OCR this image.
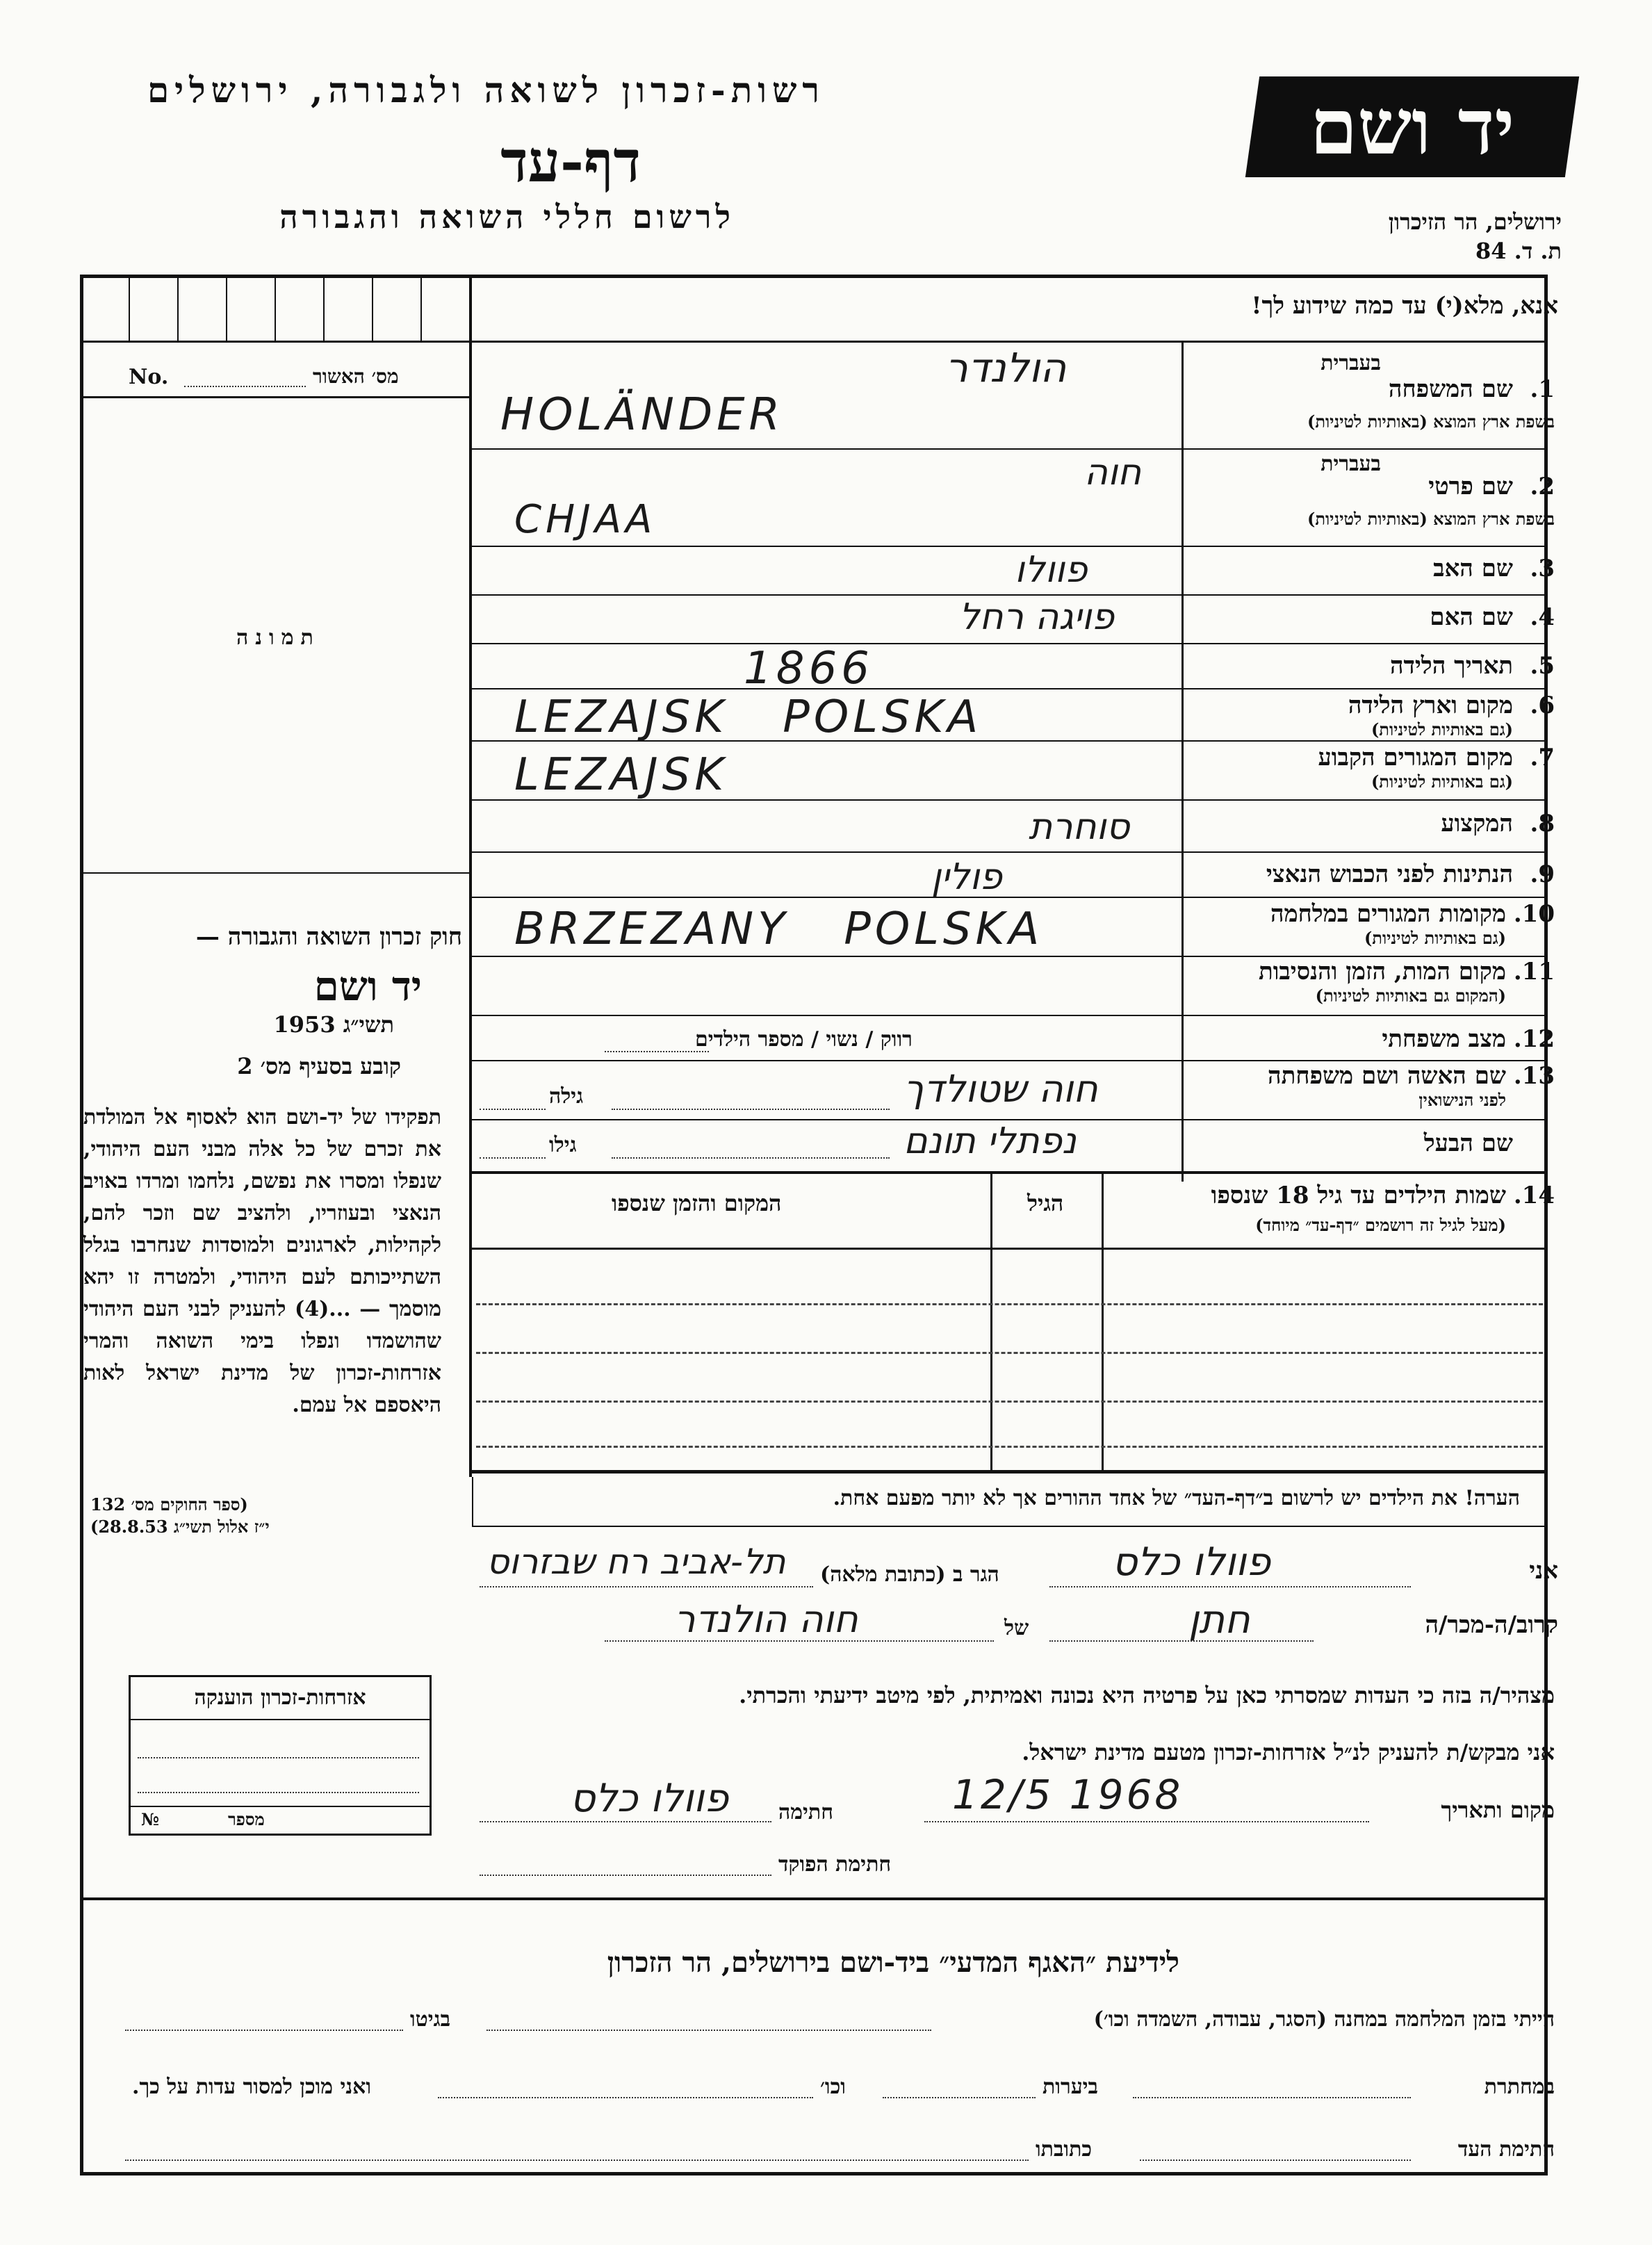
רשות-זכרון לשואה ולגבורה, ירושלים
דף-עד
לרשום חללי השואה והגבורה
יד ושם
ירושלים, הר הזיכרון
ת. ד. 84
אנא, מלא(י) עד כמה שידוע לך!
No.	מס׳ האשור
תמונה
חוק זכרון השואה והגבורה —
יד ושם
תשי״ג 1953
קובע בסעיף מס׳ 2
תפקידו של יד-ושם הוא לאסוף אל המולדת את זכרם של כל אלה מבני העם היהודי, שנפלו ומסרו את נפשם, נלחמו ומרדו באויב הנאצי ובעוזריו, ולהציב שם וזכר להם, לקהילות, לארגונים ולמוסדות שנחרבו בגלל השתייכותם לעם היהודי, ולמטרה זו יהא מוסמך — ...(4) להעניק לבני העם היהודי שהושמדו ונפלו בימי השואה והמרי אזרחות-זכרון של מדינת ישראל לאות היאספם אל עמם.
(ספר החוקים מס׳ 132
י״ז אלול תשי״ג 28.8.53)
בעברית
1.
שם המשפחה
בשפת ארץ המוצא (באותיות לטיניות)
הולנדר
HOLÄNDER
בעברית
2.
שם פרטי
בשפת ארץ המוצא (באותיות לטיניות)
חוה
CHJAA
3.
שם האב
פוולו
4.
שם האם
פויגה רחל
5.
תאריך הלידה
1866
6.
מקום וארץ הלידה
(גם באותיות לטיניות)
LEZAJSK   POLSKA
7.
מקום המגורים הקבוע
(גם באותיות לטיניות)
LEZAJSK
8.
המקצוע
סוחרת
9.
הנתינות לפני הכבוש הנאצי
פולין
10.
מקומות המגורים במלחמה
(גם באותיות לטיניות)
BRZEZANY   POLSKA
11.
מקום המות, הזמן והנסיבות
(המקום גם באותיות לטיניות)
12.
מצב משפחתי
רווק / נשוי / מספר הילדים
13.
שם האשה ושם משפחתה
לפני הנישואין
חוה שטולדך
גילה
שם הבעל
נפתלי תונם
גילו
14.
שמות הילדים עד גיל 18 שנספו
(מעל לגיל זה רושמים ״דף-עד״ מיוחד)
הגיל
המקום והזמן שנספו
הערה! את הילדים יש לרשום ב״דף-העד״ של אחד ההורים אך לא יותר מפעם אחת.
אזרחות-זכרון הוענקה
№	מספר
אני
פוולו כלס
הגר ב (כתובת מלאה)
תל-אביב רח שבזרוס
קרוב/ה-מכר/ה
חתן
של
חוה הולנדר
מצהיר/ה בזה כי העדות שמסרתי כאן על פרטיה היא נכונה ואמיתית, לפי מיטב ידיעתי והכרתי.
אני מבקש/ת להעניק לנ״ל אזרחות-זכרון מטעם מדינת ישראל.
מקום ותאריך
12/5 1968
חתימה
פוולו כלס
חתימת הפוקד
לידיעת ״האגף המדעי״ ביד-ושם בירושלים, הר הזכרון
הייתי בזמן המלחמה במחנה (הסגר, עבודה, השמדה וכו׳)
בגיטו
במחתרת
ביערות
וכו׳
ואני מוכן למסור עדות על כך.
חתימת העד
כתובתו
